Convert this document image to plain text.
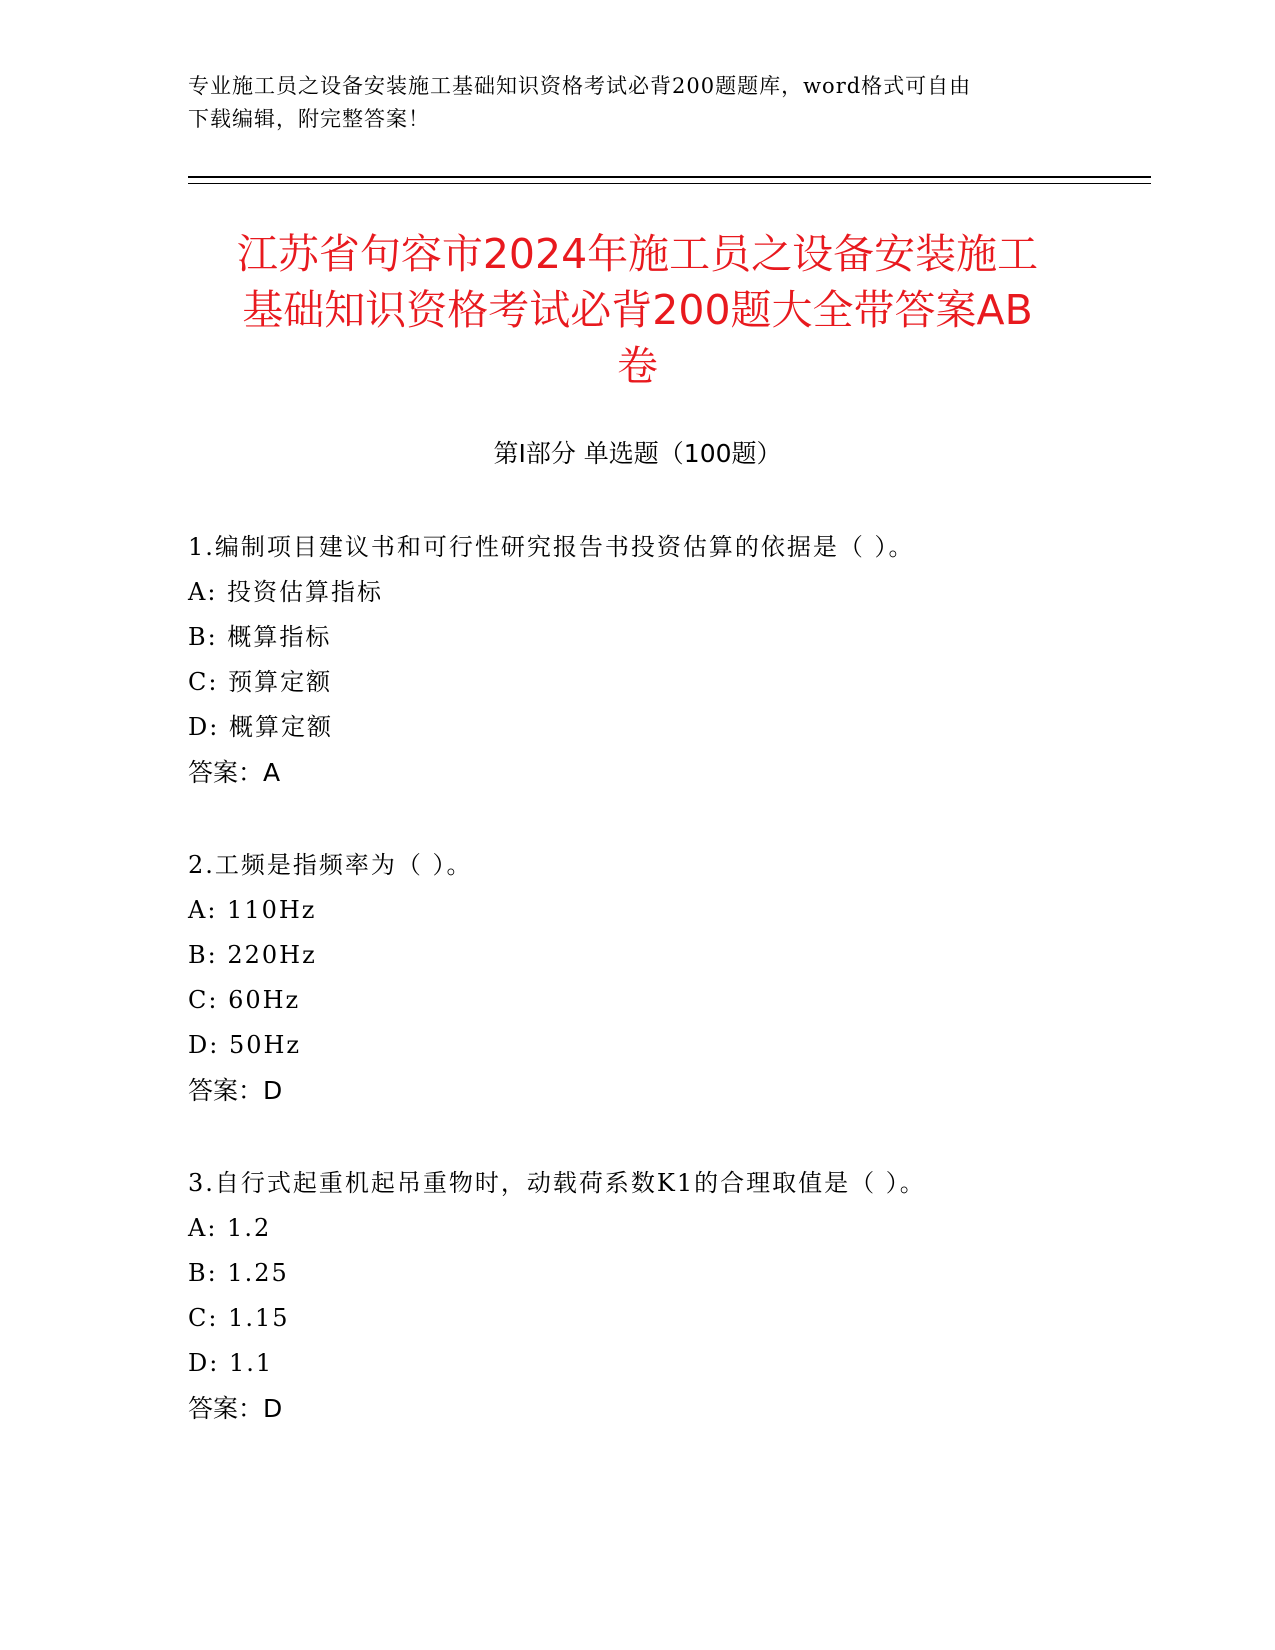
专业施工员之设备安装施工基础知识资格考试必背200题题库，word格式可自由
下载编辑，附完整答案！
江苏省句容市2024年施工员之设备安装施工
基础知识资格考试必背200题大全带答案AB
卷
第I部分 单选题（100题）
1.编制项目建议书和可行性研究报告书投资估算的依据是（ ）。
A: 投资估算指标
B: 概算指标
C: 预算定额
D: 概算定额
答案：A
2.工频是指频率为（ ）。
A: 110Hz
B: 220Hz
C: 60Hz
D: 50Hz
答案：D
3.自行式起重机起吊重物时，动载荷系数K1的合理取值是（ ）。
A: 1.2
B: 1.25
C: 1.15
D: 1.1
答案：D
